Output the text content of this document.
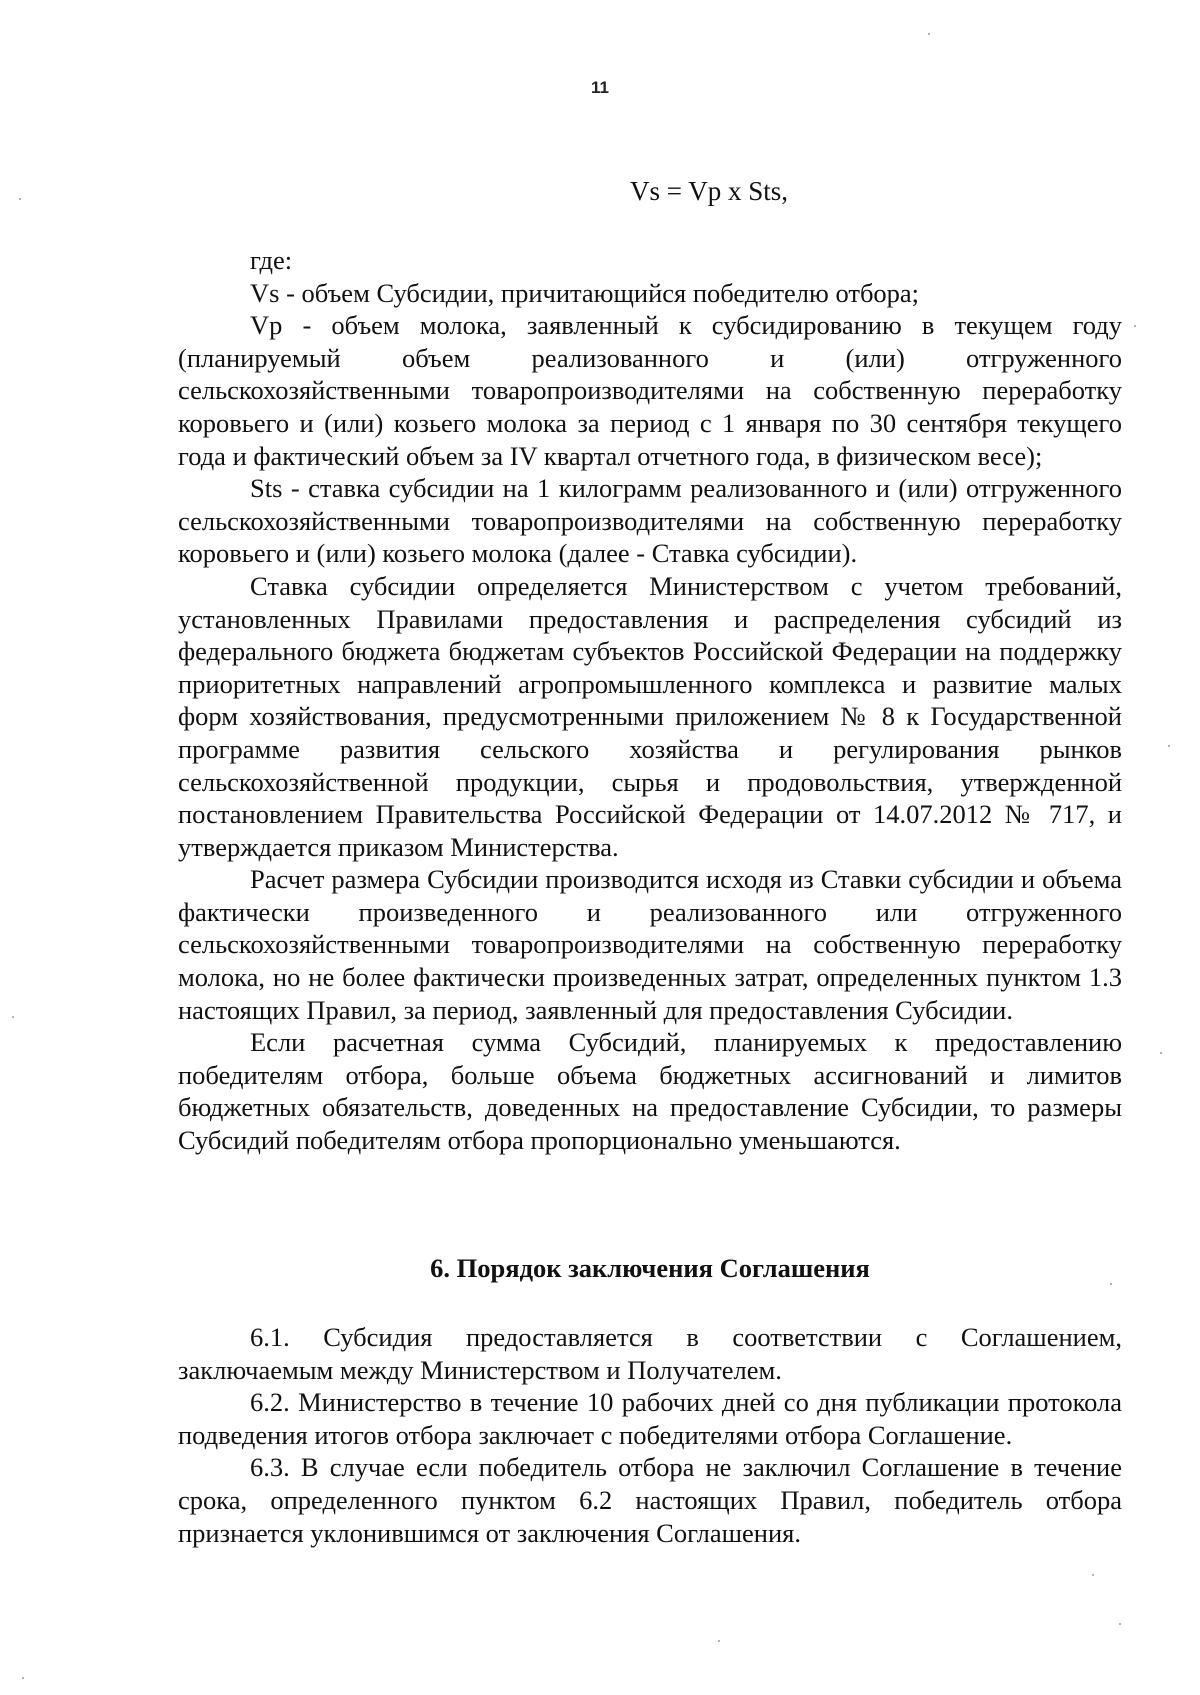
11
Vs = Vp x Sts,

где:

Vs - объем Субсидии, причитающийся победителю отбора;

Vp - объем молока, заявленный к субсидированию в текущем году (планируемый объем реализованного и (или) отгруженного сельскохозяйственными товаропроизводителями на собственную переработку коровьего и (или) козьего молока за период с 1 января по 30 сентября текущего года и фактический объем за IV квартал отчетного года, в физическом весе);

Sts - ставка субсидии на 1 килограмм реализованного и (или) отгруженного сельскохозяйственными товаропроизводителями на собственную переработку коровьего и (или) козьего молока (далее - Ставка субсидии).

Ставка субсидии определяется Министерством с учетом требований, установленных Правилами предоставления и распределения субсидий из федерального бюджета бюджетам субъектов Российской Федерации на поддержку приоритетных направлений агропромышленного комплекса и развитие малых форм хозяйствования, предусмотренными приложением № 8 к Государственной программе развития сельского хозяйства и регулирования рынков сельскохозяйственной продукции, сырья и продовольствия, утвержденной постановлением Правительства Российской Федерации от 14.07.2012 № 717, и утверждается приказом Министерства.

Расчет размера Субсидии производится исходя из Ставки субсидии и объема фактически произведенного и реализованного или отгруженного сельскохозяйственными товаропроизводителями на собственную переработку молока, но не более фактически произведенных затрат, определенных пунктом 1.3 настоящих Правил, за период, заявленный для предоставления Субсидии.

Если расчетная сумма Субсидий, планируемых к предоставлению победителям отбора, больше объема бюджетных ассигнований и лимитов бюджетных обязательств, доведенных на предоставление Субсидии, то размеры Субсидий победителям отбора пропорционально уменьшаются.

6. Порядок заключения Соглашения

6.1. Субсидия предоставляется в соответствии с Соглашением, заключаемым между Министерством и Получателем.

6.2. Министерство в течение 10 рабочих дней со дня публикации протокола подведения итогов отбора заключает с победителями отбора Соглашение.

6.3. В случае если победитель отбора не заключил Соглашение в течение срока, определенного пунктом 6.2 настоящих Правил, победитель отбора признается уклонившимся от заключения Соглашения.
